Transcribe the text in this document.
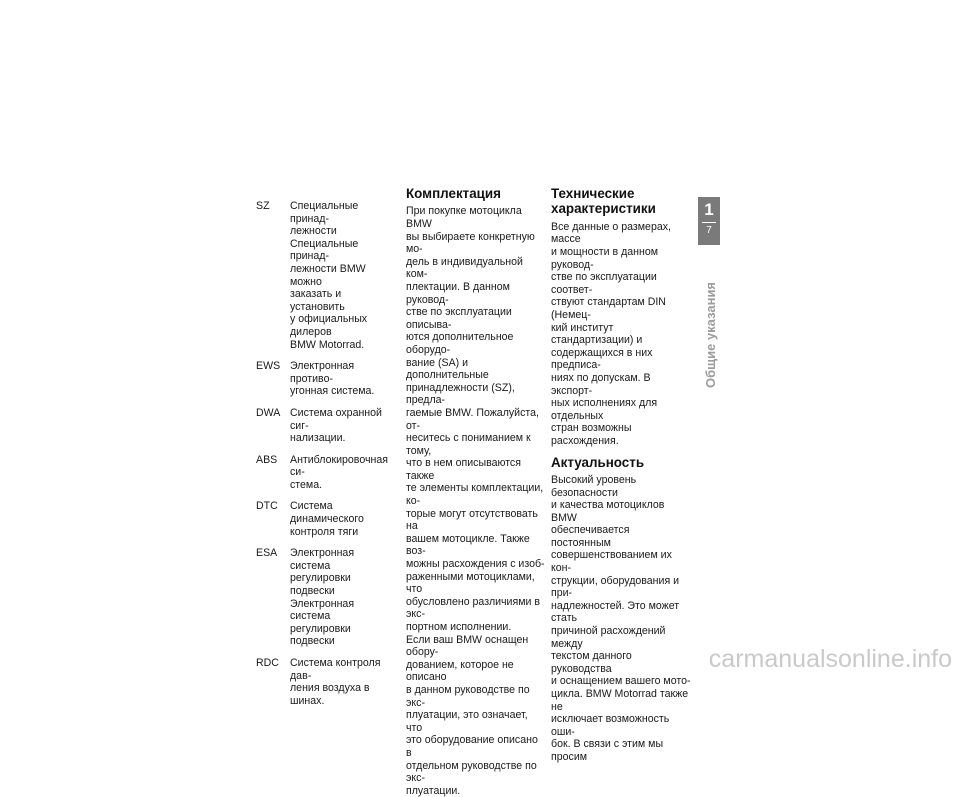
SZ	Специальные принад-
лежности
Специальные принад-
лежности BMW можно
заказать и установить
у официальных дилеров
BMW Motorrad.
EWS Электронная противо-
угонная система.
DWA Система охранной сиг-
нализации.
ABS	Антиблокировочная си-
стема.
DTC	Система динамического
контроля тяги
ESA	Электронная система
регулировки подвески
Электронная система
регулировки подвески
RDC	Система контроля дав-
ления воздуха в шинах.
Комплектация

При покупке мотоцикла BMW

вы выбираете конкретную мо-

дель в индивидуальной ком-

плектации. В данном руковод-

стве по эксплуатации описыва-

ются дополнительное оборудо-

вание (SA) и дополнительные

принадлежности (SZ), предла-

гаемые BMW. Пожалуйста, от-

неситесь с пониманием к тому,

что в нем описываются также

те элементы комплектации, ко-

торые могут отсутствовать на

вашем мотоцикле. Также воз-

можны расхождения с изоб-

раженными мотоциклами, что

обусловлено различиями в экс-

портном исполнении.

Если ваш BMW оснащен обору-

дованием, которое не описано

в данном руководстве по экс-

плуатации, это означает, что

это оборудование описано в

отдельном руководстве по экс-

плуатации.

Технические
характеристики

Все данные о размерах, массе

и мощности в данном руковод-

стве по эксплуатации соответ-

ствуют стандартам DIN (Немец-

кий институт стандартизации) и

содержащихся в них предписа-

ниях по допускам. В экспорт-

ных исполнениях для отдельных

стран возможны расхождения.

Актуальность

Высокий уровень безопасности

и качества мотоциклов BMW

обеспечивается постоянным

совершенствованием их кон-

струкции, оборудования и при-

надлежностей. Это может стать

причиной расхождений между

текстом данного руководства

и оснащением вашего мото-

цикла. BMW Motorrad также не

исключает возможность оши-

бок. В связи с этим мы просим

1
7
Общие указания
carmanualsonline.info
